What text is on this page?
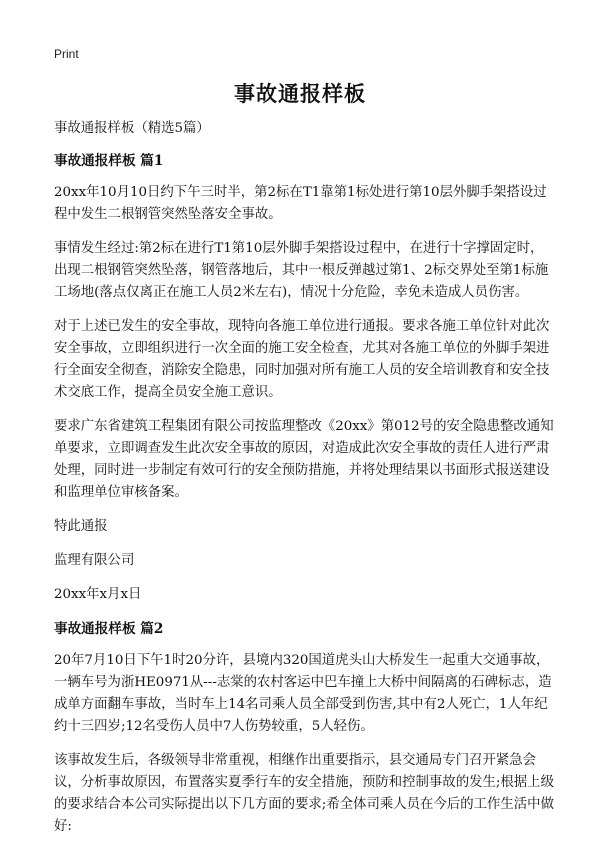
Print
事故通报样板

事故通报样板（精选5篇）

事故通报样板 篇1

20xx年10月10日约下午三时半，第2标在T1靠第1标处进行第10层外脚手架搭设过程中发生二根钢管突然坠落安全事故。

事情发生经过:第2标在进行T1第10层外脚手架搭设过程中，在进行十字撑固定时，出现二根钢管突然坠落，钢管落地后，其中一根反弹越过第1、2标交界处至第1标施工场地(落点仅离正在施工人员2米左右)，情况十分危险，幸免未造成人员伤害。

对于上述已发生的安全事故，现特向各施工单位进行通报。要求各施工单位针对此次安全事故，立即组织进行一次全面的施工安全检查，尤其对各施工单位的外脚手架进行全面安全彻查，消除安全隐患，同时加强对所有施工人员的安全培训教育和安全技术交底工作，提高全员安全施工意识。

要求广东省建筑工程集团有限公司按监理整改《20xx》第012号的安全隐患整改通知单要求，立即调查发生此次安全事故的原因，对造成此次安全事故的责任人进行严肃处理，同时进一步制定有效可行的安全预防措施，并将处理结果以书面形式报送建设和监理单位审核备案。

特此通报

监理有限公司

20xx年x月x日

事故通报样板 篇2

20年7月10日下午1时20分许，县境内320国道虎头山大桥发生一起重大交通事故，一辆车号为浙HE0971从---志棠的农村客运中巴车撞上大桥中间隔离的石碑标志，造成单方面翻车事故，当时车上14名司乘人员全部受到伤害,其中有2人死亡，1人年纪约十三四岁;12名受伤人员中7人伤势较重，5人轻伤。

该事故发生后，各级领导非常重视，相继作出重要指示，县交通局专门召开紧急会议，分析事故原因，布置落实夏季行车的安全措施，预防和控制事故的发生;根据上级的要求结合本公司实际提出以下几方面的要求;希全体司乘人员在今后的工作生活中做好:
